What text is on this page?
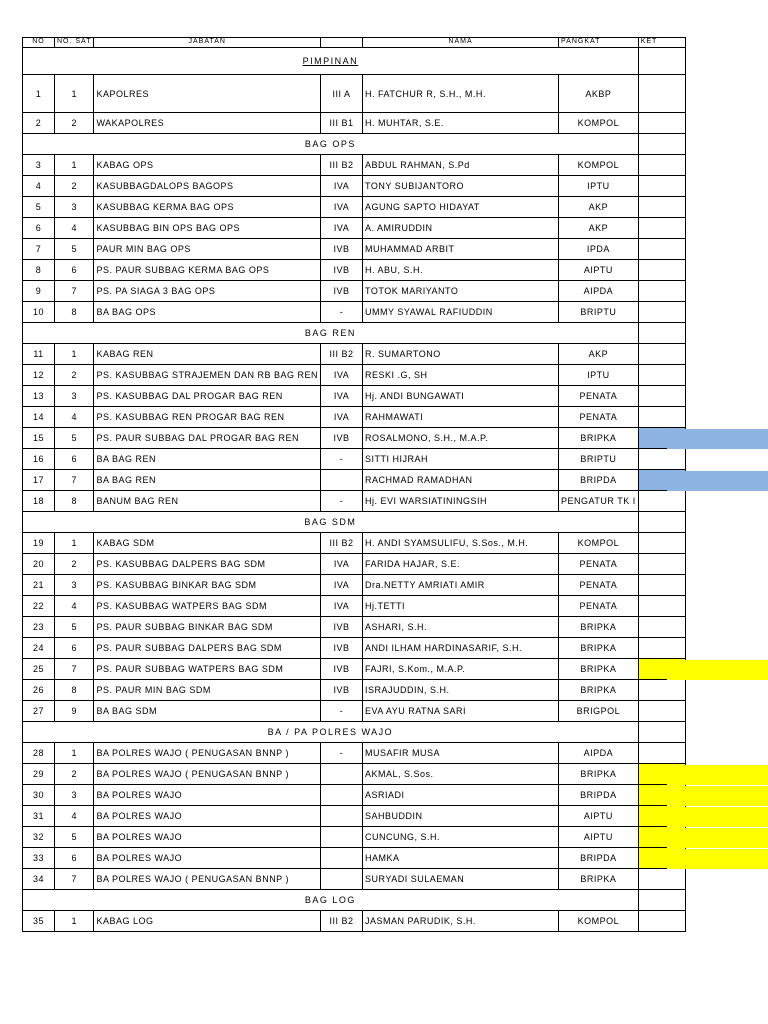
NO	NO. SAT	JABATAN		NAMA	PANGKAT	KET
PIMPINAN						
1	1	KAPOLRES	III A	H. FATCHUR R, S.H., M.H.	AKBP	
2	2	WAKAPOLRES	III B1	H. MUHTAR, S.E.	KOMPOL	
BAG OPS						
3	1	KABAG OPS	III B2	ABDUL RAHMAN, S.Pd	KOMPOL	
4	2	KASUBBAGDALOPS BAGOPS	IVA	TONY SUBIJANTORO	IPTU	
5	3	KASUBBAG KERMA BAG OPS	IVA	AGUNG SAPTO HIDAYAT	AKP	
6	4	KASUBBAG BIN OPS BAG OPS	IVA	A. AMIRUDDIN	AKP	
7	5	PAUR MIN BAG OPS	IVB	MUHAMMAD ARBIT	IPDA	
8	6	PS. PAUR SUBBAG KERMA BAG OPS	IVB	H. ABU, S.H.	AIPTU	
9	7	PS. PA SIAGA 3 BAG OPS	IVB	TOTOK MARIYANTO	AIPDA	
10	8	BA BAG OPS	-	UMMY SYAWAL RAFIUDDIN	BRIPTU	
BAG REN						
11	1	KABAG REN	III B2	R. SUMARTONO	AKP	
12	2	PS. KASUBBAG STRAJEMEN DAN RB BAG REN	IVA	RESKI .G, SH	IPTU	
13	3	PS. KASUBBAG DAL PROGAR BAG REN	IVA	Hj. ANDI BUNGAWATI	PENATA	
14	4	PS. KASUBBAG REN PROGAR BAG REN	IVA	RAHMAWATI	PENATA	
15	5	PS. PAUR SUBBAG DAL PROGAR BAG REN	IVB	ROSALMONO, S.H., M.A.P.	BRIPKA	
16	6	BA BAG REN	-	SITTI HIJRAH	BRIPTU	
17	7	BA BAG REN		RACHMAD RAMADHAN	BRIPDA	
18	8	BANUM BAG REN	-	Hj. EVI WARSIATININGSIH	PENGATUR TK I	
BAG SDM						
19	1	KABAG SDM	III B2	H. ANDI SYAMSULIFU, S.Sos., M.H.	KOMPOL	
20	2	PS. KASUBBAG DALPERS BAG SDM	IVA	FARIDA HAJAR, S.E.	PENATA	
21	3	PS. KASUBBAG BINKAR BAG SDM	IVA	Dra.NETTY AMRIATI AMIR	PENATA	
22	4	PS. KASUBBAG WATPERS BAG SDM	IVA	Hj.TETTI	PENATA	
23	5	PS. PAUR SUBBAG BINKAR BAG SDM	IVB	ASHARI, S.H.	BRIPKA	
24	6	PS. PAUR SUBBAG DALPERS BAG SDM	IVB	ANDI ILHAM HARDINASARIF, S.H.	BRIPKA	
25	7	PS. PAUR SUBBAG WATPERS BAG SDM	IVB	FAJRI, S.Kom., M.A.P.	BRIPKA	
26	8	PS. PAUR MIN BAG SDM	IVB	ISRAJUDDIN, S.H.	BRIPKA	
27	9	BA BAG SDM	-	EVA AYU RATNA SARI	BRIGPOL	
BA / PA POLRES WAJO						
28	1	BA POLRES WAJO ( PENUGASAN BNNP )	-	MUSAFIR MUSA	AIPDA	
29	2	BA POLRES WAJO ( PENUGASAN BNNP )		AKMAL, S.Sos.	BRIPKA	
30	3	BA POLRES WAJO		ASRIADI	BRIPDA	
31	4	BA POLRES WAJO		SAHBUDDIN	AIPTU	
32	5	BA POLRES WAJO		CUNCUNG, S.H.	AIPTU	
33	6	BA POLRES WAJO		HAMKA	BRIPDA	
34	7	BA POLRES WAJO ( PENUGASAN BNNP )		SURYADI SULAEMAN	BRIPKA	
BAG LOG						
35	1	KABAG LOG	III B2	JASMAN PARUDIK, S.H.	KOMPOL	
